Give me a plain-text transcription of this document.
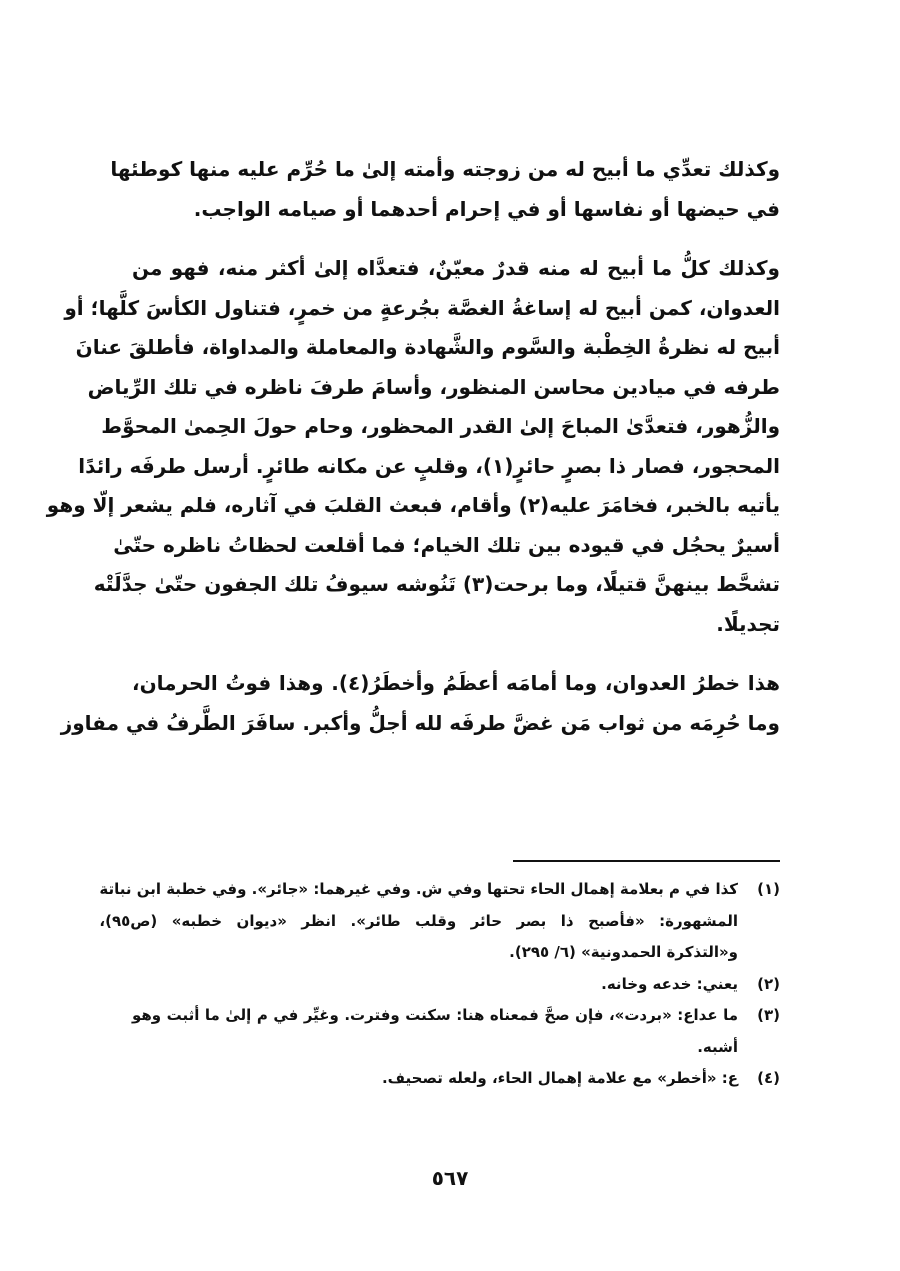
وكذلك تعدِّي ما أبيح له من زوجته وأمته إلىٰ ما حُرِّم عليه منها كوطئها
في حيضها أو نفاسها أو في إحرام أحدهما أو صيامه الواجب.
وكذلك كلُّ ما أبيح له منه قدرٌ معيّنٌ، فتعدَّاه إلىٰ أكثر منه، فهو من
العدوان، كمن أبيح له إساغةُ الغصَّة بجُرعةٍ من خمرٍ، فتناول الكأسَ كلَّها؛ أو
أبيح له نظرةُ الخِطْبة والسَّوم والشَّهادة والمعاملة والمداواة، فأطلقَ عنانَ
طرفه في ميادين محاسن المنظور، وأسامَ طرفَ ناظره في تلك الرِّياض
والزُّهور، فتعدَّىٰ المباحَ إلىٰ القدر المحظور، وحام حولَ الحِمىٰ المحوَّط
المحجور، فصار ذا بصرٍ حائرٍ(١)، وقلبٍ عن مكانه طائرٍ. أرسل طرفَه رائدًا
يأتيه بالخبر، فخامَرَ عليه(٢) وأقام، فبعث القلبَ في آثاره، فلم يشعر إلّا وهو
أسيرٌ يحجُل في قيوده بين تلك الخيام؛ فما أقلعت لحظاتُ ناظره حتّىٰ
تشحَّط بينهنَّ قتيلًا، وما برحت(٣) تَنُوشه سيوفُ تلك الجفون حتّىٰ جدَّلَتْه
تجديلًا.
هذا خطرُ العدوان، وما أمامَه أعظَمُ وأخطَرُ(٤). وهذا فوتُ الحرمان،
وما حُرِمَه من ثواب مَن غضَّ طرفَه لله أجلُّ وأكبر. سافَرَ الطَّرفُ في مفاوز
(١)
كذا في م بعلامة إهمال الحاء تحتها وفي ش. وفي غيرهما: «جائر». وفي خطبة ابن نباتة
المشهورة: «فأصبح ذا بصر حائر وقلب طائر». انظر «ديوان خطبه» (ص٩٥)،
و«التذكرة الحمدونية» (٦/ ٢٩٥).
(٢)
يعني: خدعه وخانه.
(٣)
ما عداع: «بردت»، فإن صحَّ فمعناه هنا: سكنت وفترت. وغيِّر في م إلىٰ ما أثبت وهو
أشبه.
(٤)
ع: «أخطر» مع علامة إهمال الحاء، ولعله تصحيف.
٥٦٧
